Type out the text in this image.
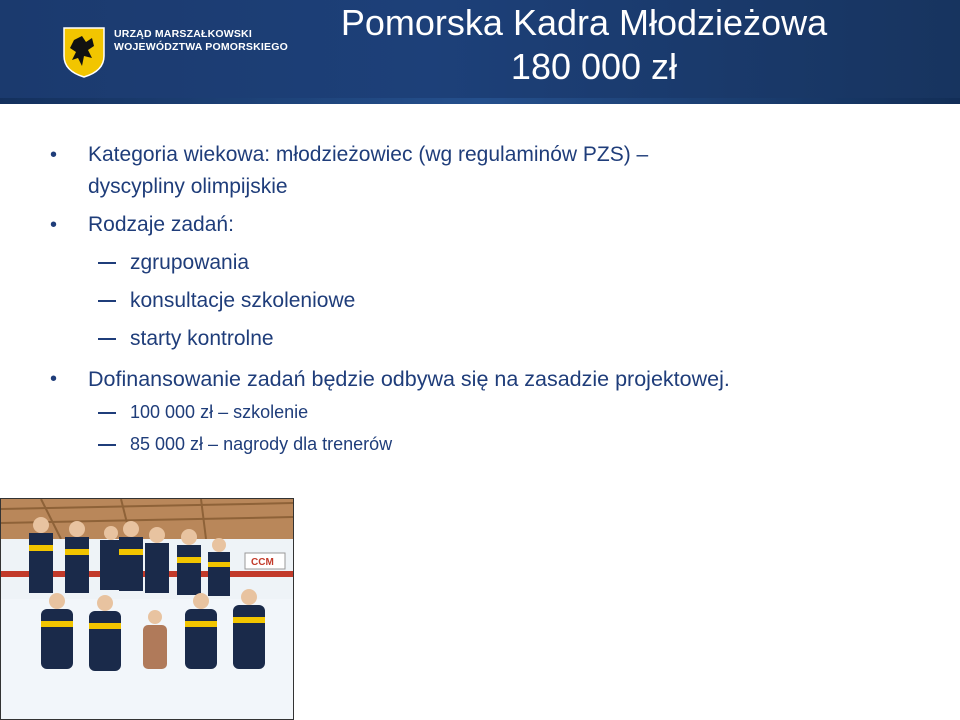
URZĄD MARSZAŁKOWSKI
WOJEWÓDZTWA POMORSKIEGO
Pomorska Kadra Młodzieżowa
180 000 zł
• Kategoria wiekowa: młodzieżowiec (wg regulaminów PZS) –
dyscypliny olimpijskie
• Rodzaje zadań:
zgrupowania
konsultacje szkoleniowe
starty kontrolne
• Dofinansowanie zadań będzie odbywa się na zasadzie projektowej.
100 000 zł – szkolenie
85 000 zł – nagrody dla trenerów
CCM
